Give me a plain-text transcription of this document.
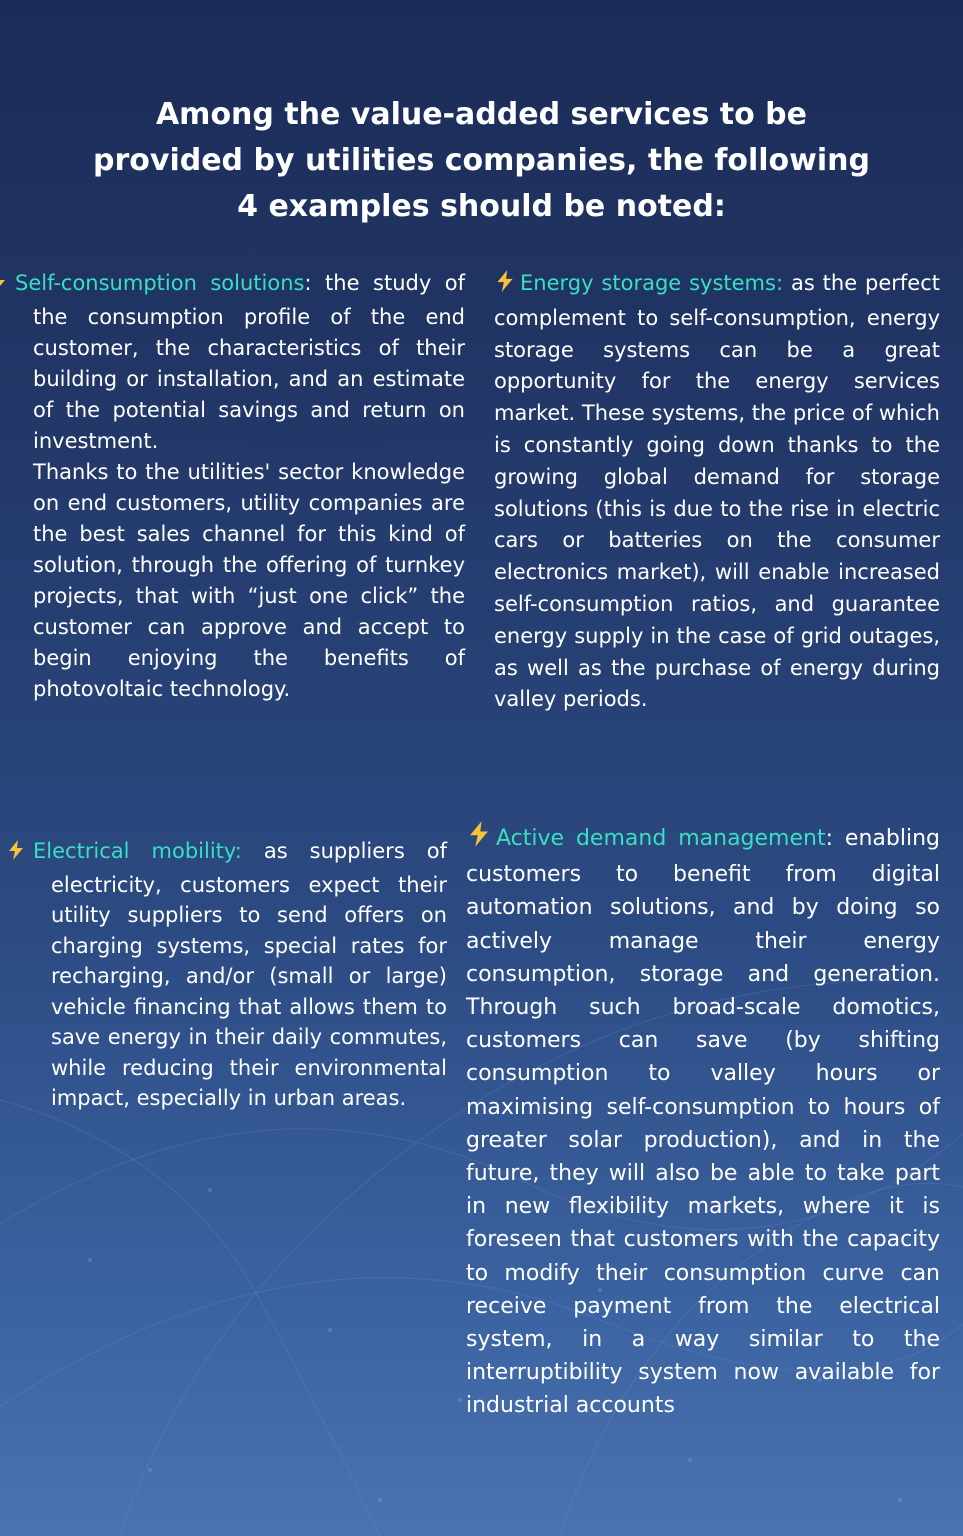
Among the value-added services to be provided by utilities companies, the following 4 examples should be noted:

Self-consumption solutions: the study of the consumption profile of the end customer, the characteristics of their building or installation, and an estimate of the potential savings and return on investment.

Thanks to the utilities' sector knowledge on end customers, utility companies are the best sales channel for this kind of solution, through the offering of turnkey projects, that with “just one click” the customer can approve and accept to begin enjoying the benefits of photovoltaic technology.

Energy storage systems: as the perfect complement to self-consumption, energy storage systems can be a great opportunity for the energy services market. These systems, the price of which is constantly going down thanks to the growing global demand for storage solutions (this is due to the rise in electric cars or batteries on the consumer electronics market), will enable increased self-consumption ratios, and guarantee energy supply in the case of grid outages, as well as the purchase of energy during valley periods.

Electrical mobility: as suppliers of electricity, customers expect their utility suppliers to send offers on charging systems, special rates for recharging, and/or (small or large) vehicle financing that allows them to save energy in their daily commutes, while reducing their environmental impact, especially in urban areas.

Active demand management: enabling customers to benefit from digital automation solutions, and by doing so actively manage their energy consumption, storage and generation. Through such broad-scale domotics, customers can save (by shifting consumption to valley hours or maximising self-consumption to hours of greater solar production), and in the future, they will also be able to take part in new flexibility markets, where it is foreseen that customers with the capacity to modify their consumption curve can receive payment from the electrical system, in a way similar to the interruptibility system now available for industrial accounts
